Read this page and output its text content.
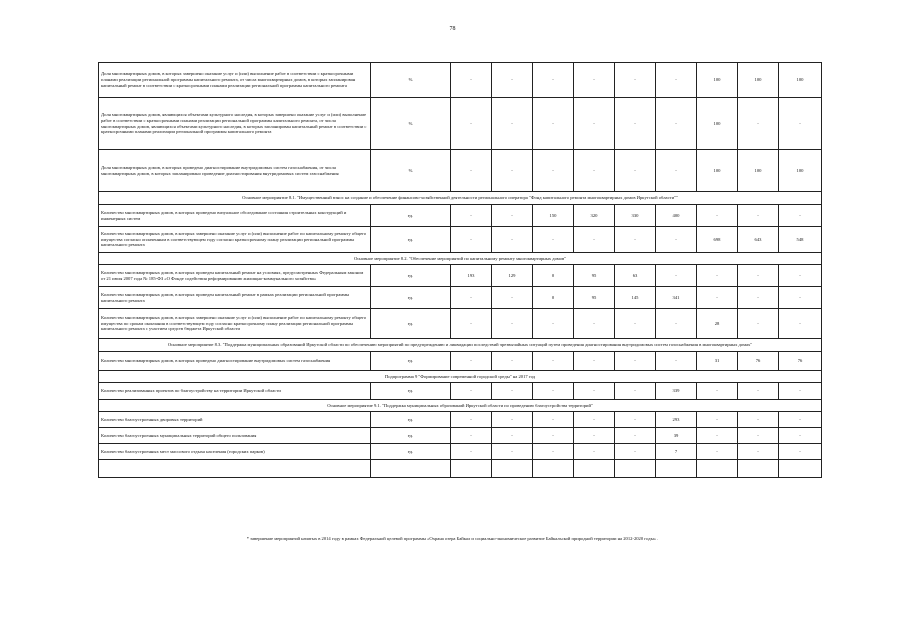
78
Доля многоквартирных домов, в которых завершено оказание услуг и (или) выполнение работ в соответствии с краткосрочными планами реализации региональной программы капитального ремонта, от числа многоквартирных домов, в которых запланирован капитальный ремонт в соответствии с краткосрочными планами реализации региональной программы капитального ремонта	%	-	-	-	-	-	-	100	100	100
Доля многоквартирных домов, являющихся объектами культурного наследия, в которых завершено оказание услуг и (или) выполнение работ в соответствии с краткосрочными планами реализации региональной программы капитального ремонта, от числа многоквартирных домов, являющихся объектами культурного наследия, в которых запланирован капитальный ремонт в соответствии с краткосрочными планами реализации региональной программы капитального ремонта	%	-	-	-	-	-	-	100	-	-
Доля многоквартирных домов, в которых проведено диагностирование внутридомовых систем газоснабжения, от числа многоквартирных домов, в которых запланировано проведение диагностирования внутридомовых систем газоснабжения	%	-	-	-	-	-	-	100	100	100
Основное мероприятие 8.1. "Имущественный взнос на создание и обеспечение финансово-хозяйственной деятельности регионального оператора "Фонд капитального ремонта многоквартирных домов Иркутской области""										
Количество многоквартирных домов, в которых проведено визуальное обследование состояния строительных конструкций и инженерных систем	ед.	-	-	150	320	330	400	-	-	-
Количество многоквартирных домов, в которых завершено оказание услуг и (или) выполнение работ по капитальному ремонту общего имущества согласно оплаченным в соответствующем году согласно краткосрочному плану реализации региональной программы капитального ремонта	ед.	-	-	-	-	-	-	698	643	548
Основное мероприятие 8.2. "Обеспечение мероприятий по капитальному ремонту многоквартирных домов"										
Количество многоквартирных домов, в которых проведен капитальный ремонт на условиях, предусмотренных Федеральным законом от 21 июля 2007 года № 185-ФЗ «О Фонде содействия реформированию жилищно-коммунального хозяйства»	ед.	193	129	0	95	63	-	-	-	-
Количество многоквартирных домов, в которых проведен капитальный ремонт в рамках реализации региональной программы капитального ремонта	ед.	-	-	0	95	145	341	-	-	-
Количество многоквартирных домов, в которых завершено оказание услуг и (или) выполнение работ по капитальному ремонту общего имущества по срокам окончания в соответствующем году согласно краткосрочному плану реализации региональной программы капитального ремонта с участием средств бюджета Иркутской области	ед.	-	-	-	-	-	-	28	-	-
Основное мероприятие 8.3. "Поддержка муниципальных образований Иркутской области по обеспечению мероприятий по предупреждению и ликвидации последствий чрезвычайных ситуаций путем проведения диагностирования внутридомовых систем газоснабжения в многоквартирных домах"										
Количество многоквартирных домов, в которых проведено диагностирование внутридомовых систем газоснабжения	ед.	-	-	-	-	-	-	31	76	76
Подпрограмма 9 "Формирование современной городской среды" на 2017 год										
Количество реализованных проектов по благоустройству на территории Иркутской области	ед.	-	-	-	-	-	339	-	-	-
Основное мероприятие 9.1. "Поддержка муниципальных образований Иркутской области по проведению благоустройства территорий"										
Количество благоустроенных дворовых территорий	ед.	-	-	-	-	-	293	-	-	-
Количество благоустроенных муниципальных территорий общего пользования	ед.	-	-	-	-	-	39	-	-	-
Количество благоустроенных мест массового отдыха населения (городских парков)	ед.	-	-	-	-	-	7	-	-	-

* завершение мероприятий начатых в 2014 году в рамках Федеральной целевой программы «Охрана озера Байкал и социально-экономическое развитие Байкальской природной территории на 2012-2020 годы» .
